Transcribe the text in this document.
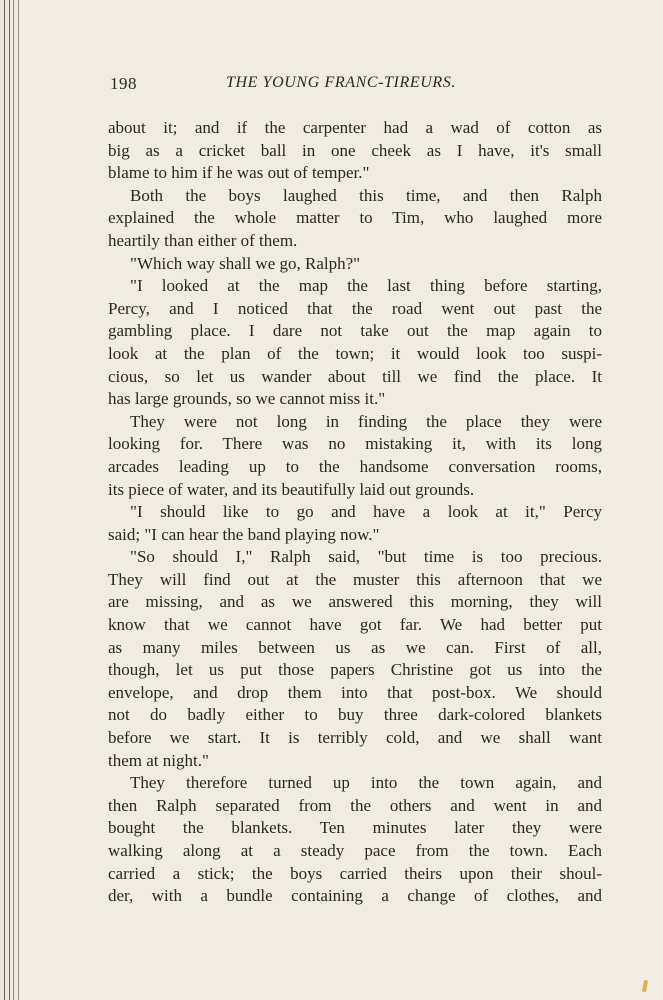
198	THE YOUNG FRANC-TIREURS.
about it; and if the carpenter had a wad of cotton as
big as a cricket ball in one cheek as I have, it's small
blame to him if he was out of temper."
Both the boys laughed this time, and then Ralph
explained the whole matter to Tim, who laughed more
heartily than either of them.
"Which way shall we go, Ralph?"
"I looked at the map the last thing before starting,
Percy, and I noticed that the road went out past the
gambling place. I dare not take out the map again to
look at the plan of the town; it would look too suspi-
cious, so let us wander about till we find the place. It
has large grounds, so we cannot miss it."
They were not long in finding the place they were
looking for. There was no mistaking it, with its long
arcades leading up to the handsome conversation rooms,
its piece of water, and its beautifully laid out grounds.
"I should like to go and have a look at it," Percy
said; "I can hear the band playing now."
"So should I," Ralph said, "but time is too precious.
They will find out at the muster this afternoon that we
are missing, and as we answered this morning, they will
know that we cannot have got far. We had better put
as many miles between us as we can. First of all,
though, let us put those papers Christine got us into the
envelope, and drop them into that post-box. We should
not do badly either to buy three dark-colored blankets
before we start. It is terribly cold, and we shall want
them at night."
They therefore turned up into the town again, and
then Ralph separated from the others and went in and
bought the blankets. Ten minutes later they were
walking along at a steady pace from the town. Each
carried a stick; the boys carried theirs upon their shoul-
der, with a bundle containing a change of clothes, and
